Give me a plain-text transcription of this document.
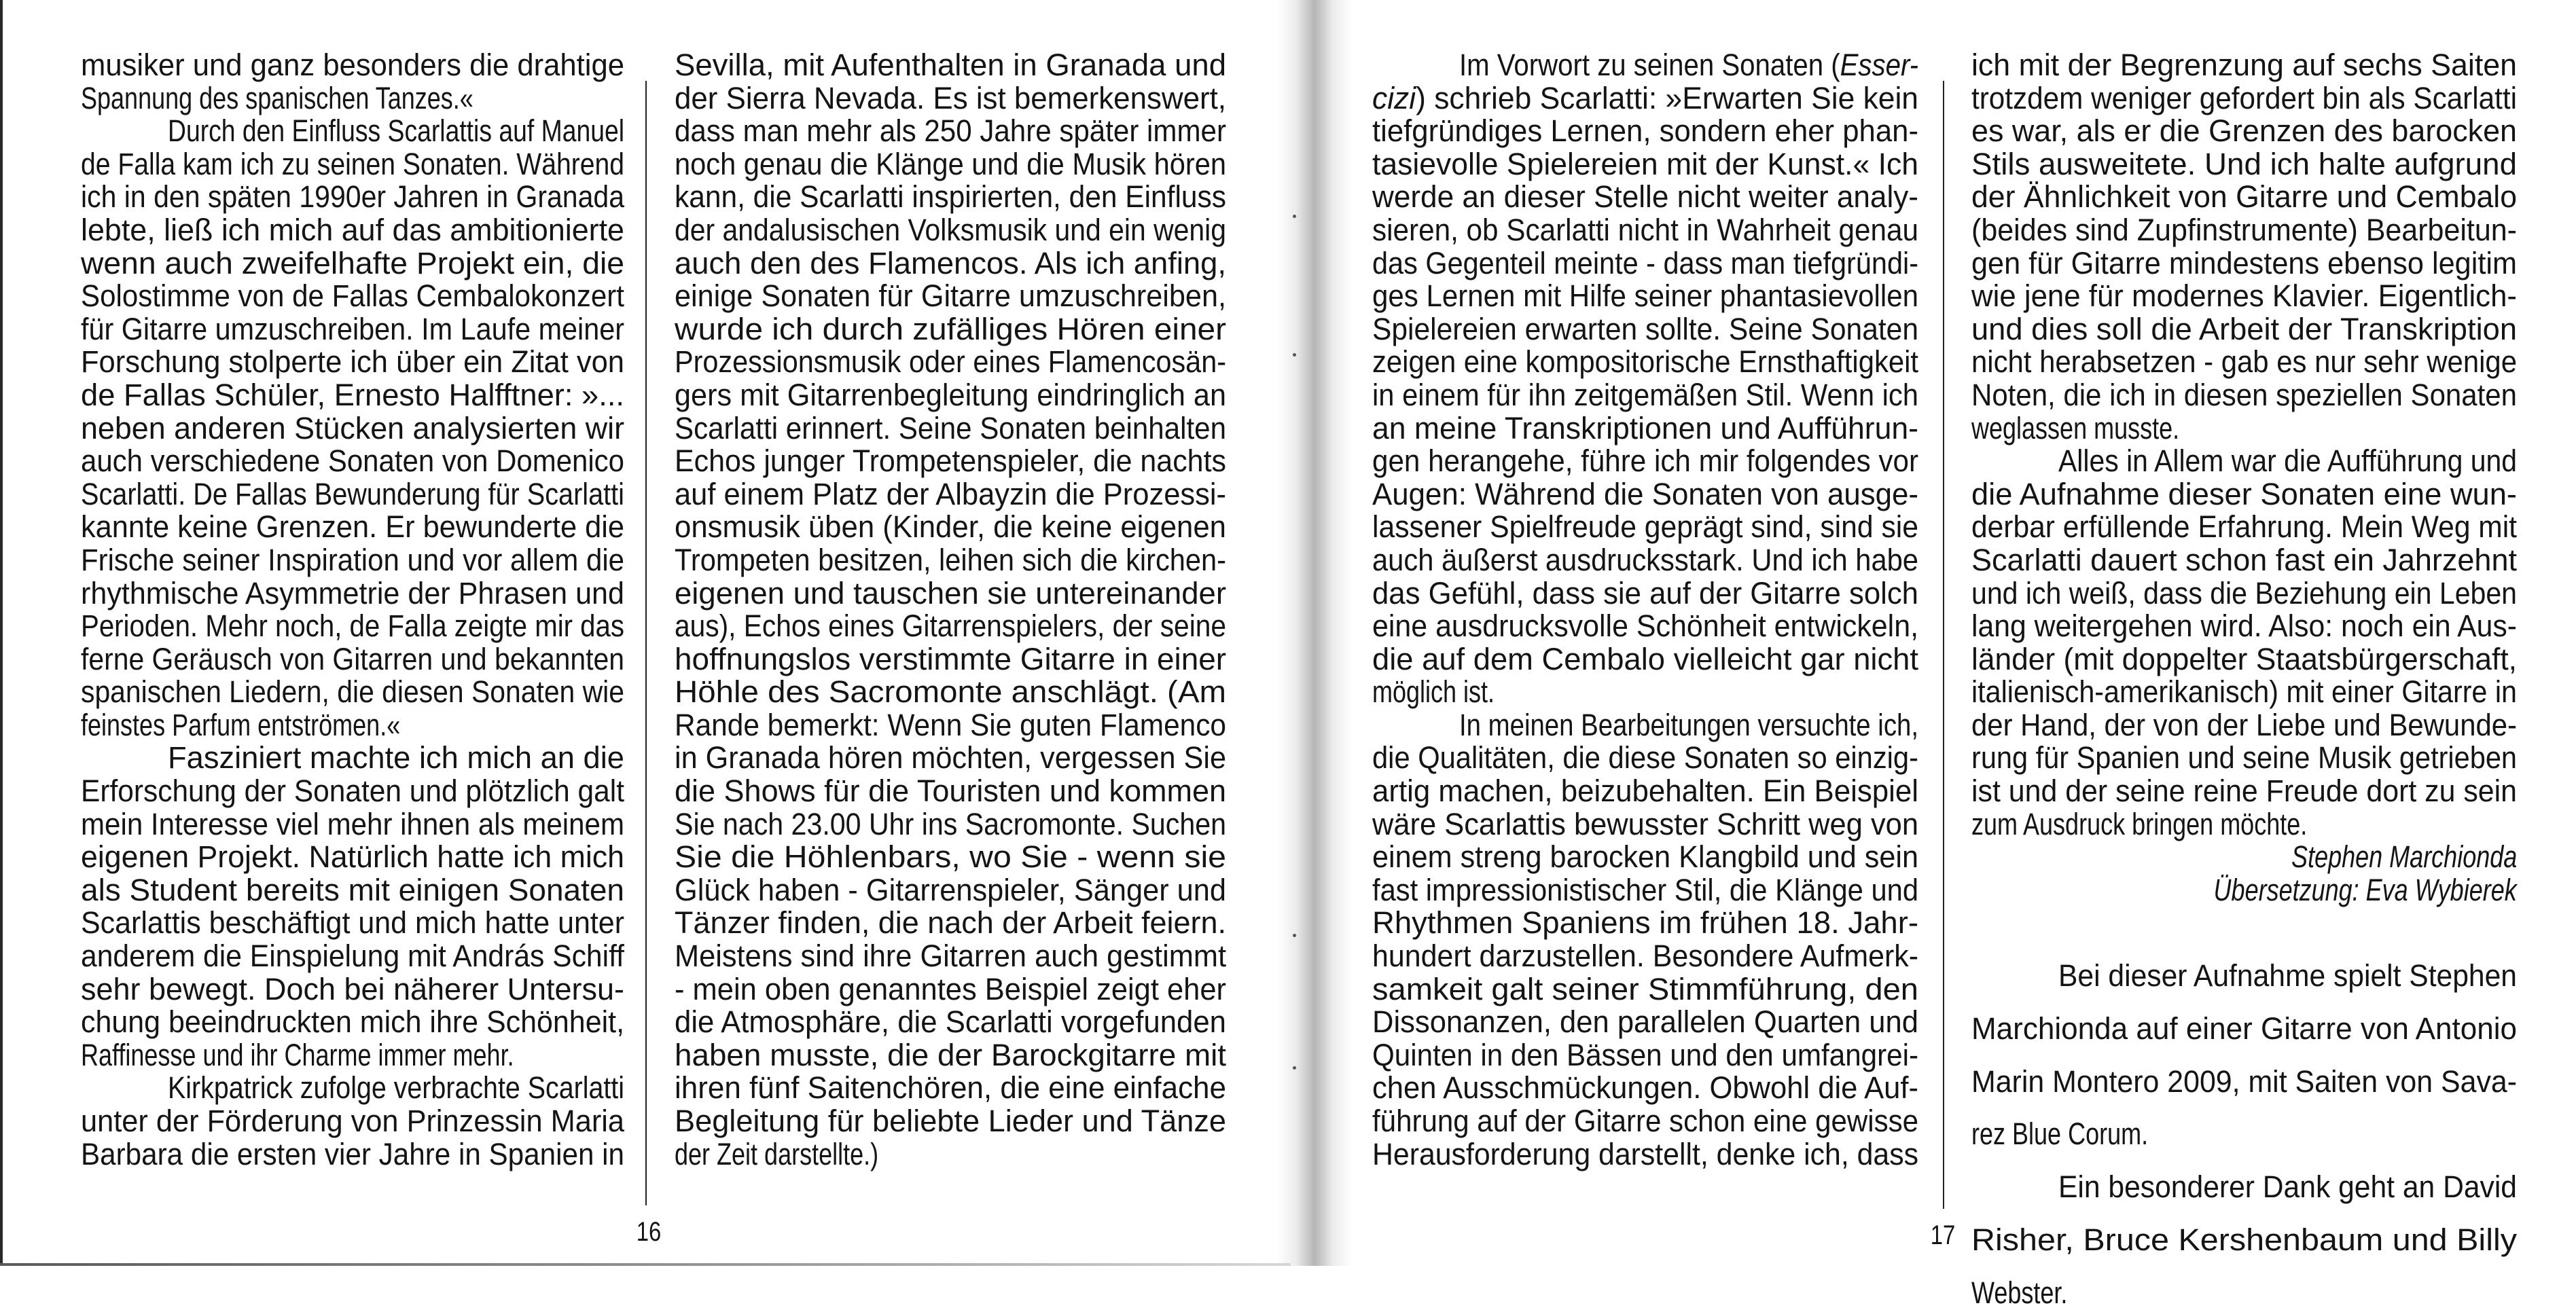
musiker und ganz besonders die drahtige
Spannung des spanischen Tanzes.«
Durch den Einfluss Scarlattis auf Manuel
de Falla kam ich zu seinen Sonaten. Während
ich in den späten 1990er Jahren in Granada
lebte, ließ ich mich auf das ambitionierte
wenn auch zweifelhafte Projekt ein, die
Solostimme von de Fallas Cembalokonzert
für Gitarre umzuschreiben. Im Laufe meiner
Forschung stolperte ich über ein Zitat von
de Fallas Schüler, Ernesto Halfftner: »...
neben anderen Stücken analysierten wir
auch verschiedene Sonaten von Domenico
Scarlatti. De Fallas Bewunderung für Scarlatti
kannte keine Grenzen. Er bewunderte die
Frische seiner Inspiration und vor allem die
rhythmische Asymmetrie der Phrasen und
Perioden. Mehr noch, de Falla zeigte mir das
ferne Geräusch von Gitarren und bekannten
spanischen Liedern, die diesen Sonaten wie
feinstes Parfum entströmen.«
Fasziniert machte ich mich an die
Erforschung der Sonaten und plötzlich galt
mein Interesse viel mehr ihnen als meinem
eigenen Projekt. Natürlich hatte ich mich
als Student bereits mit einigen Sonaten
Scarlattis beschäftigt und mich hatte unter
anderem die Einspielung mit András Schiff
sehr bewegt. Doch bei näherer Untersu-
chung beeindruckten mich ihre Schönheit,
Raffinesse und ihr Charme immer mehr.
Kirkpatrick zufolge verbrachte Scarlatti
unter der Förderung von Prinzessin Maria
Barbara die ersten vier Jahre in Spanien in
Sevilla, mit Aufenthalten in Granada und
der Sierra Nevada. Es ist bemerkenswert,
dass man mehr als 250 Jahre später immer
noch genau die Klänge und die Musik hören
kann, die Scarlatti inspirierten, den Einfluss
der andalusischen Volksmusik und ein wenig
auch den des Flamencos. Als ich anfing,
einige Sonaten für Gitarre umzuschreiben,
wurde ich durch zufälliges Hören einer
Prozessionsmusik oder eines Flamencosän-
gers mit Gitarrenbegleitung eindringlich an
Scarlatti erinnert. Seine Sonaten beinhalten
Echos junger Trompetenspieler, die nachts
auf einem Platz der Albayzin die Prozessi-
onsmusik üben (Kinder, die keine eigenen
Trompeten besitzen, leihen sich die kirchen-
eigenen und tauschen sie untereinander
aus), Echos eines Gitarrenspielers, der seine
hoffnungslos verstimmte Gitarre in einer
Höhle des Sacromonte anschlägt. (Am
Rande bemerkt: Wenn Sie guten Flamenco
in Granada hören möchten, vergessen Sie
die Shows für die Touristen und kommen
Sie nach 23.00 Uhr ins Sacromonte. Suchen
Sie die Höhlenbars, wo Sie - wenn sie
Glück haben - Gitarrenspieler, Sänger und
Tänzer finden, die nach der Arbeit feiern.
Meistens sind ihre Gitarren auch gestimmt
- mein oben genanntes Beispiel zeigt eher
die Atmosphäre, die Scarlatti vorgefunden
haben musste, die der Barockgitarre mit
ihren fünf Saitenchören, die eine einfache
Begleitung für beliebte Lieder und Tänze
der Zeit darstellte.)
16
Im Vorwort zu seinen Sonaten (Esser-
cizi) schrieb Scarlatti: »Erwarten Sie kein
tiefgründiges Lernen, sondern eher phan-
tasievolle Spielereien mit der Kunst.« Ich
werde an dieser Stelle nicht weiter analy-
sieren, ob Scarlatti nicht in Wahrheit genau
das Gegenteil meinte - dass man tiefgründi-
ges Lernen mit Hilfe seiner phantasievollen
Spielereien erwarten sollte. Seine Sonaten
zeigen eine kompositorische Ernsthaftigkeit
in einem für ihn zeitgemäßen Stil. Wenn ich
an meine Transkriptionen und Aufführun-
gen herangehe, führe ich mir folgendes vor
Augen: Während die Sonaten von ausge-
lassener Spielfreude geprägt sind, sind sie
auch äußerst ausdrucksstark. Und ich habe
das Gefühl, dass sie auf der Gitarre solch
eine ausdrucksvolle Schönheit entwickeln,
die auf dem Cembalo vielleicht gar nicht
möglich ist.
In meinen Bearbeitungen versuchte ich,
die Qualitäten, die diese Sonaten so einzig-
artig machen, beizubehalten. Ein Beispiel
wäre Scarlattis bewusster Schritt weg von
einem streng barocken Klangbild und sein
fast impressionistischer Stil, die Klänge und
Rhythmen Spaniens im frühen 18. Jahr-
hundert darzustellen. Besondere Aufmerk-
samkeit galt seiner Stimmführung, den
Dissonanzen, den parallelen Quarten und
Quinten in den Bässen und den umfangrei-
chen Ausschmückungen. Obwohl die Auf-
führung auf der Gitarre schon eine gewisse
Herausforderung darstellt, denke ich, dass
ich mit der Begrenzung auf sechs Saiten
trotzdem weniger gefordert bin als Scarlatti
es war, als er die Grenzen des barocken
Stils ausweitete. Und ich halte aufgrund
der Ähnlichkeit von Gitarre und Cembalo
(beides sind Zupfinstrumente) Bearbeitun-
gen für Gitarre mindestens ebenso legitim
wie jene für modernes Klavier. Eigentlich-
und dies soll die Arbeit der Transkription
nicht herabsetzen - gab es nur sehr wenige
Noten, die ich in diesen speziellen Sonaten
weglassen musste.
Alles in Allem war die Aufführung und
die Aufnahme dieser Sonaten eine wun-
derbar erfüllende Erfahrung. Mein Weg mit
Scarlatti dauert schon fast ein Jahrzehnt
und ich weiß, dass die Beziehung ein Leben
lang weitergehen wird. Also: noch ein Aus-
länder (mit doppelter Staatsbürgerschaft,
italienisch-amerikanisch) mit einer Gitarre in
der Hand, der von der Liebe und Bewunde-
rung für Spanien und seine Musik getrieben
ist und der seine reine Freude dort zu sein
zum Ausdruck bringen möchte.
Stephen Marchionda
Übersetzung: Eva Wybierek
Bei dieser Aufnahme spielt Stephen
Marchionda auf einer Gitarre von Antonio
Marin Montero 2009, mit Saiten von Sava-
rez Blue Corum.
Ein besonderer Dank geht an David
Risher, Bruce Kershenbaum und Billy
Webster.
17
